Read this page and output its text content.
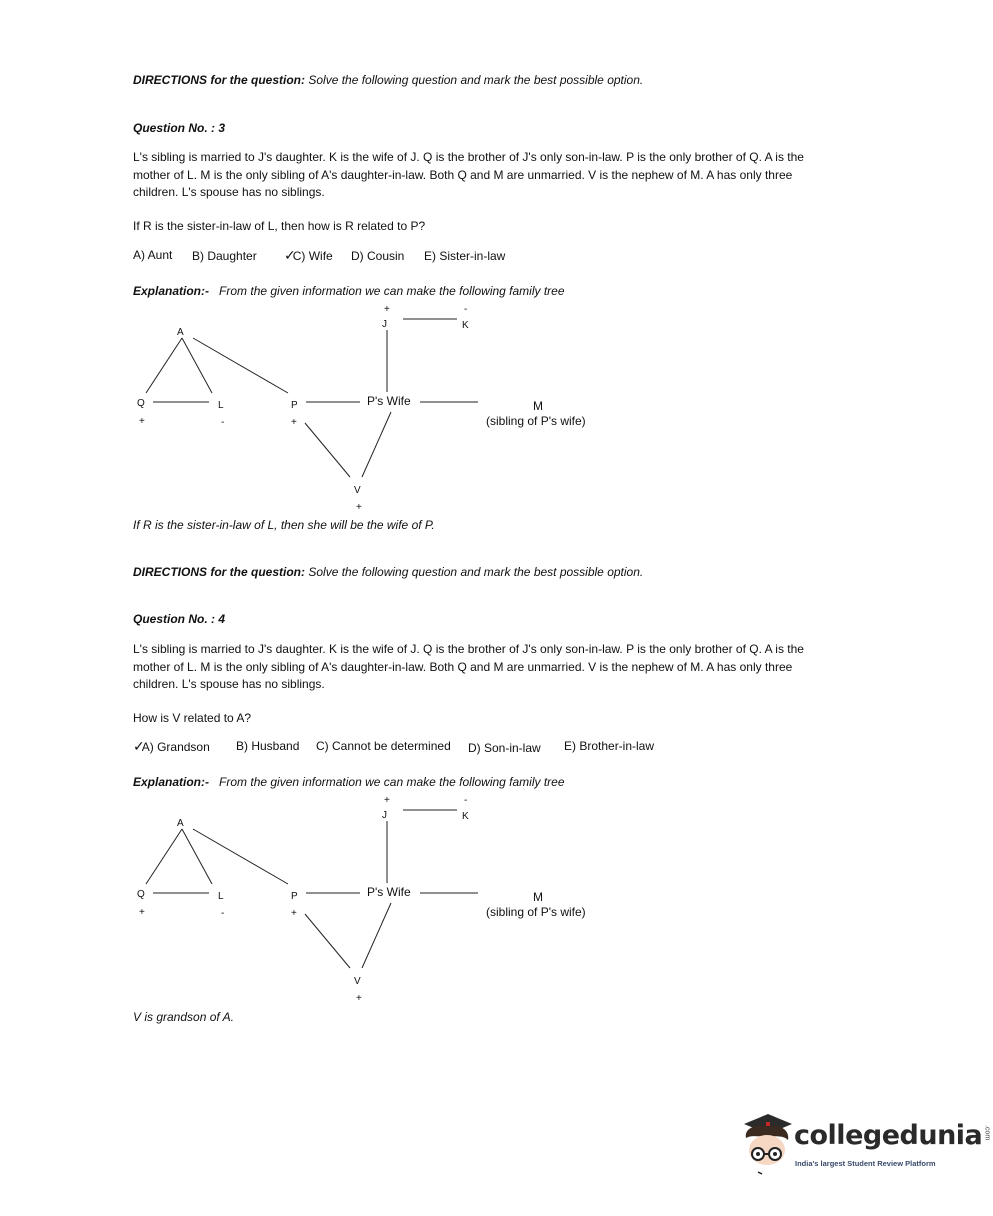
DIRECTIONS for the question: Solve the following question and mark the best possible option.
Question No. : 3
L's sibling is married to J's daughter. K is the wife of J. Q is the brother of J's only son-in-law. P is the only brother of Q. A is the
mother of L. M is the only sibling of A's daughter-in-law. Both Q and M are unmarried. V is the nephew of M. A has only three
children. L's spouse has no siblings.
If R is the sister-in-law of L, then how is R related to P?
A) Aunt B) Daughter ✓C) Wife D) Cousin E) Sister-in-law
Explanation:- From the given information we can make the following family tree
+
J
-
K
A
Q
+
L
-
P
+
P's Wife	M
(sibling of P's wife)
V
+
If R is the sister-in-law of L, then she will be the wife of P.
DIRECTIONS for the question: Solve the following question and mark the best possible option.
Question No. : 4
L's sibling is married to J's daughter. K is the wife of J. Q is the brother of J's only son-in-law. P is the only brother of Q. A is the
mother of L. M is the only sibling of A's daughter-in-law. Both Q and M are unmarried. V is the nephew of M. A has only three
children. L's spouse has no siblings.
How is V related to A?
✓A) Grandson B) Husband C) Cannot be determined D) Son-in-law E) Brother-in-law
Explanation:- From the given information we can make the following family tree
+
J
-
K
A
Q
+
L
-
P
+
P's Wife	M
(sibling of P's wife)
V
+
V is grandson of A.
collegedunia.com
India's largest Student Review Platform
